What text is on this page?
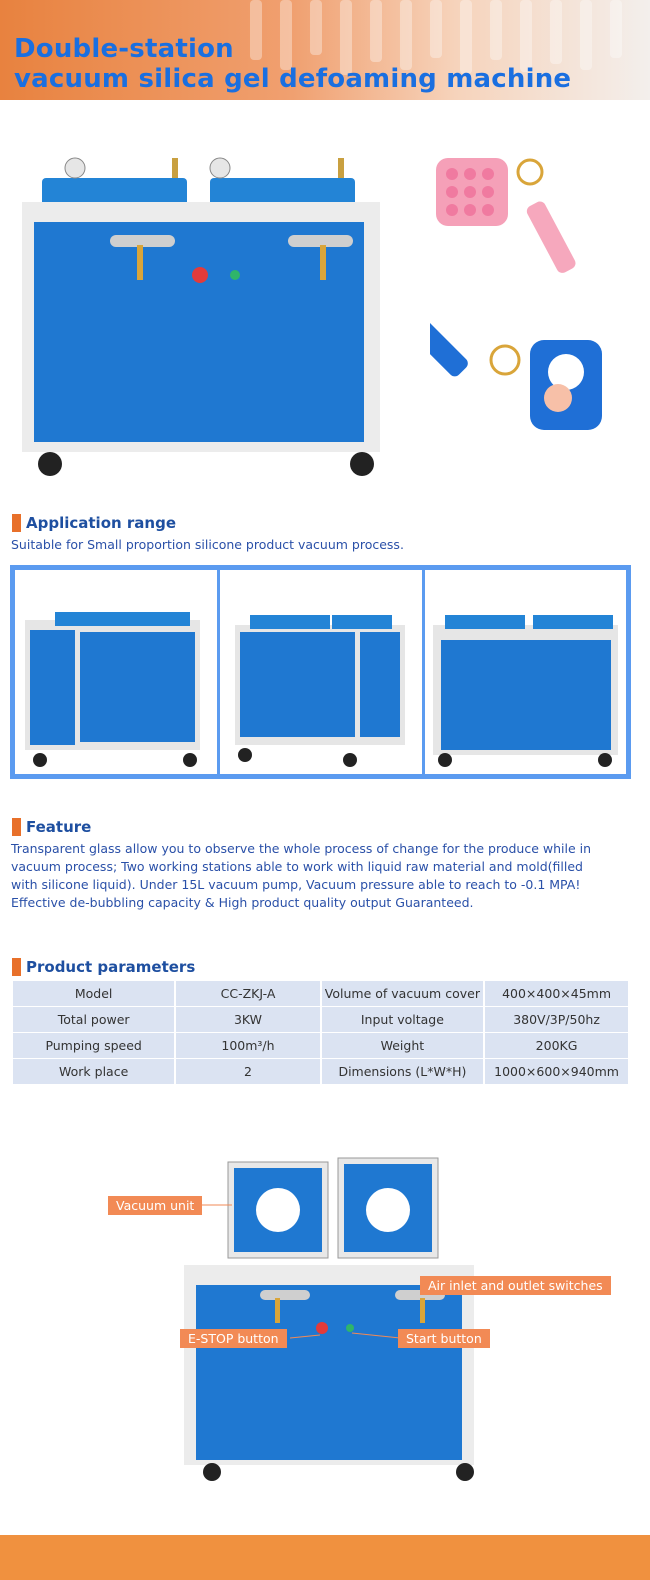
Double-station
vacuum silica gel defoaming machine
Application range
Suitable for Small proportion silicone product vacuum process.
Feature
Transparent glass allow you to observe the whole process of change for the produce while in
vacuum process; Two working stations able to work with liquid raw material and mold(filled
with silicone liquid). Under 15L vacuum pump, Vacuum pressure able to reach to -0.1 MPA!
Effective de-bubbling capacity & High product quality output Guaranteed.
Product parameters
Model	CC-ZKJ-A	Volume of vacuum cover	400×400×45mm
Total power	3KW	Input voltage	380V/3P/50hz
Pumping speed	100m³/h	Weight	200KG
Work place	2	Dimensions (L*W*H)	1000×600×940mm
Vacuum unit
Air inlet and outlet switches
E-STOP button	Start button
